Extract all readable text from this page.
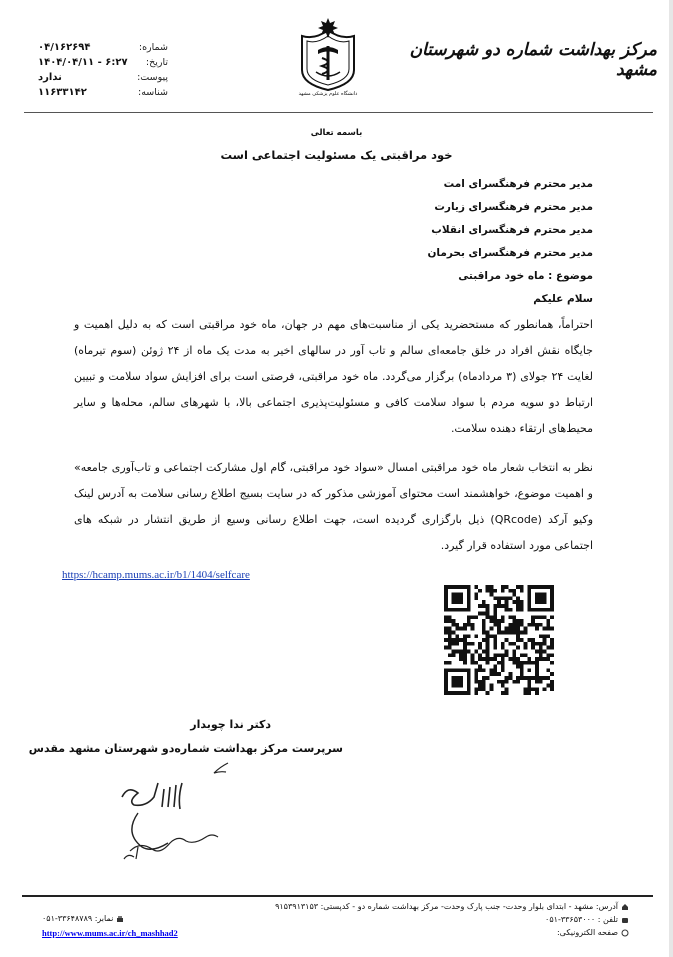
مرکز بهداشت شماره دو شهرستان مشهد
دانشگاه علوم پزشکی مشهد
شماره:
۰۴/۱۶۲۶۹۴
تاریخ:
۱۴۰۴/۰۴/۱۱ - ۶:۲۷
پیوست:
ندارد
شناسه:
۱۱۶۳۳۱۴۲
باسمه تعالی
خود مراقبتی یک مسئولیت اجتماعی است
مدیر محترم فرهنگسرای امت
مدیر محترم فرهنگسرای زیارت
مدیر محترم فرهنگسرای انقلاب
مدیر محترم فرهنگسرای بحرمان
موضوع : ماه خود مراقبتی
سلام علیکم
احتراماً، همانطور که مستحضرید یکی از مناسبت‌های مهم در جهان، ماه خود مراقبتی است که به دلیل اهمیت و جایگاه نقش افراد در خلق جامعه‌ای سالم و تاب آور در سالهای اخیر به مدت یک ماه از ۲۴ ژوئن (سوم تیرماه) لغایت ۲۴ جولای (۳ مردادماه) برگزار می‌گردد. ماه خود مراقبتی، فرصتی است برای افزایش سواد سلامت و تبیین ارتباط دو سویه مردم با سواد سلامت کافی و مسئولیت‌پذیری اجتماعی بالا، با شهرهای سالم، محله‌ها و سایر محیط‌های ارتقاء دهنده سلامت.
نظر به انتخاب شعار ماه خود مراقبتی امسال «سواد خود مراقبتی، گام اول مشارکت اجتماعی و تاب‌آوری جامعه» و اهمیت موضوع، خواهشمند است محتوای آموزشی مذکور که در سایت بسیج اطلاع رسانی سلامت به آدرس لینک وکیو آرکد (QRcode) ذیل بارگزاری گردیده است، جهت اطلاع رسانی وسیع از طریق انتشار در شبکه های اجتماعی مورد استفاده قرار گیرد.
https://hcamp.mums.ac.ir/b1/1404/selfcare
دکتر ندا چوبدار
سرپرست مرکز بهداشت شماره‌دو شهرستان مشهد مقدس
آدرس: مشهد - ابتدای بلوار وحدت- جنب پارک وحدت- مرکز بهداشت شماره دو - کدپستی: ۹۱۵۳۹۱۳۱۵۳
تلفن : ۳۳۶۵۳۰۰۰-۰۵۱
صفحه الکترونیکی:
نمابر: ۳۳۶۴۸۷۸۹-۰۵۱
http://www.mums.ac.ir/ch_mashhad2
